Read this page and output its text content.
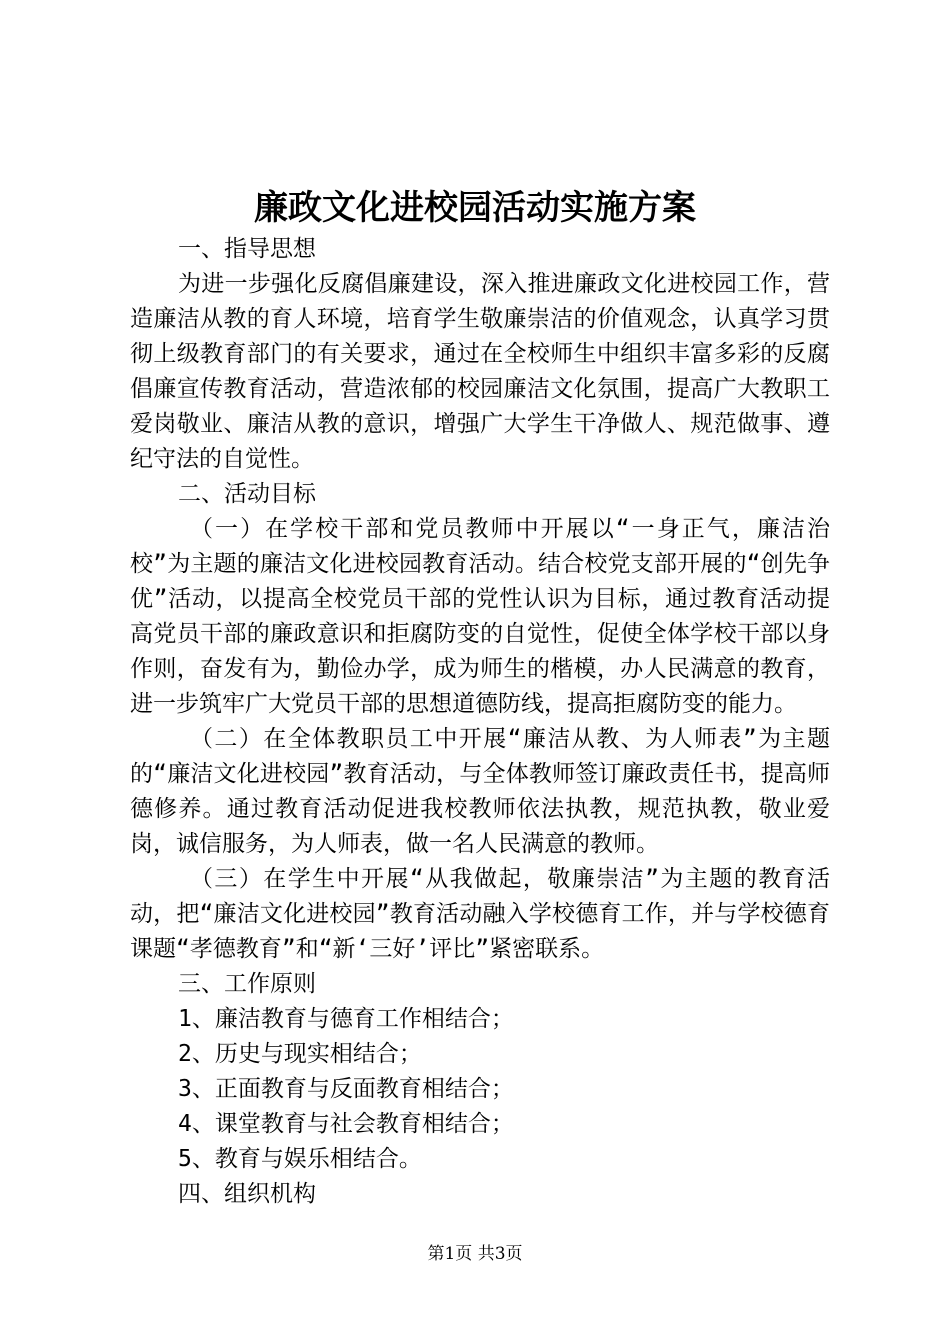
廉政文化进校园活动实施方案

一、指导思想

为进一步强化反腐倡廉建设，深入推进廉政文化进校园工作，营造廉洁从教的育人环境，培育学生敬廉崇洁的价值观念，认真学习贯彻上级教育部门的有关要求，通过在全校师生中组织丰富多彩的反腐倡廉宣传教育活动，营造浓郁的校园廉洁文化氛围，提高广大教职工爱岗敬业、廉洁从教的意识，增强广大学生干净做人、规范做事、遵纪守法的自觉性。

二、活动目标

（一）在学校干部和党员教师中开展以“一身正气，廉洁治校”为主题的廉洁文化进校园教育活动。结合校党支部开展的“创先争优”活动，以提高全校党员干部的党性认识为目标，通过教育活动提高党员干部的廉政意识和拒腐防变的自觉性，促使全体学校干部以身作则，奋发有为，勤俭办学，成为师生的楷模，办人民满意的教育，进一步筑牢广大党员干部的思想道德防线，提高拒腐防变的能力。

（二）在全体教职员工中开展“廉洁从教、为人师表”为主题的“廉洁文化进校园”教育活动，与全体教师签订廉政责任书，提高师德修养。通过教育活动促进我校教师依法执教，规范执教，敬业爱岗，诚信服务，为人师表，做一名人民满意的教师。

（三）在学生中开展“从我做起，敬廉崇洁”为主题的教育活动，把“廉洁文化进校园”教育活动融入学校德育工作，并与学校德育课题“孝德教育”和“新‘三好’评比”紧密联系。

三、工作原则

1、廉洁教育与德育工作相结合；

2、历史与现实相结合；

3、正面教育与反面教育相结合；

4、课堂教育与社会教育相结合；

5、教育与娱乐相结合。

四、组织机构

第1页 共3页
